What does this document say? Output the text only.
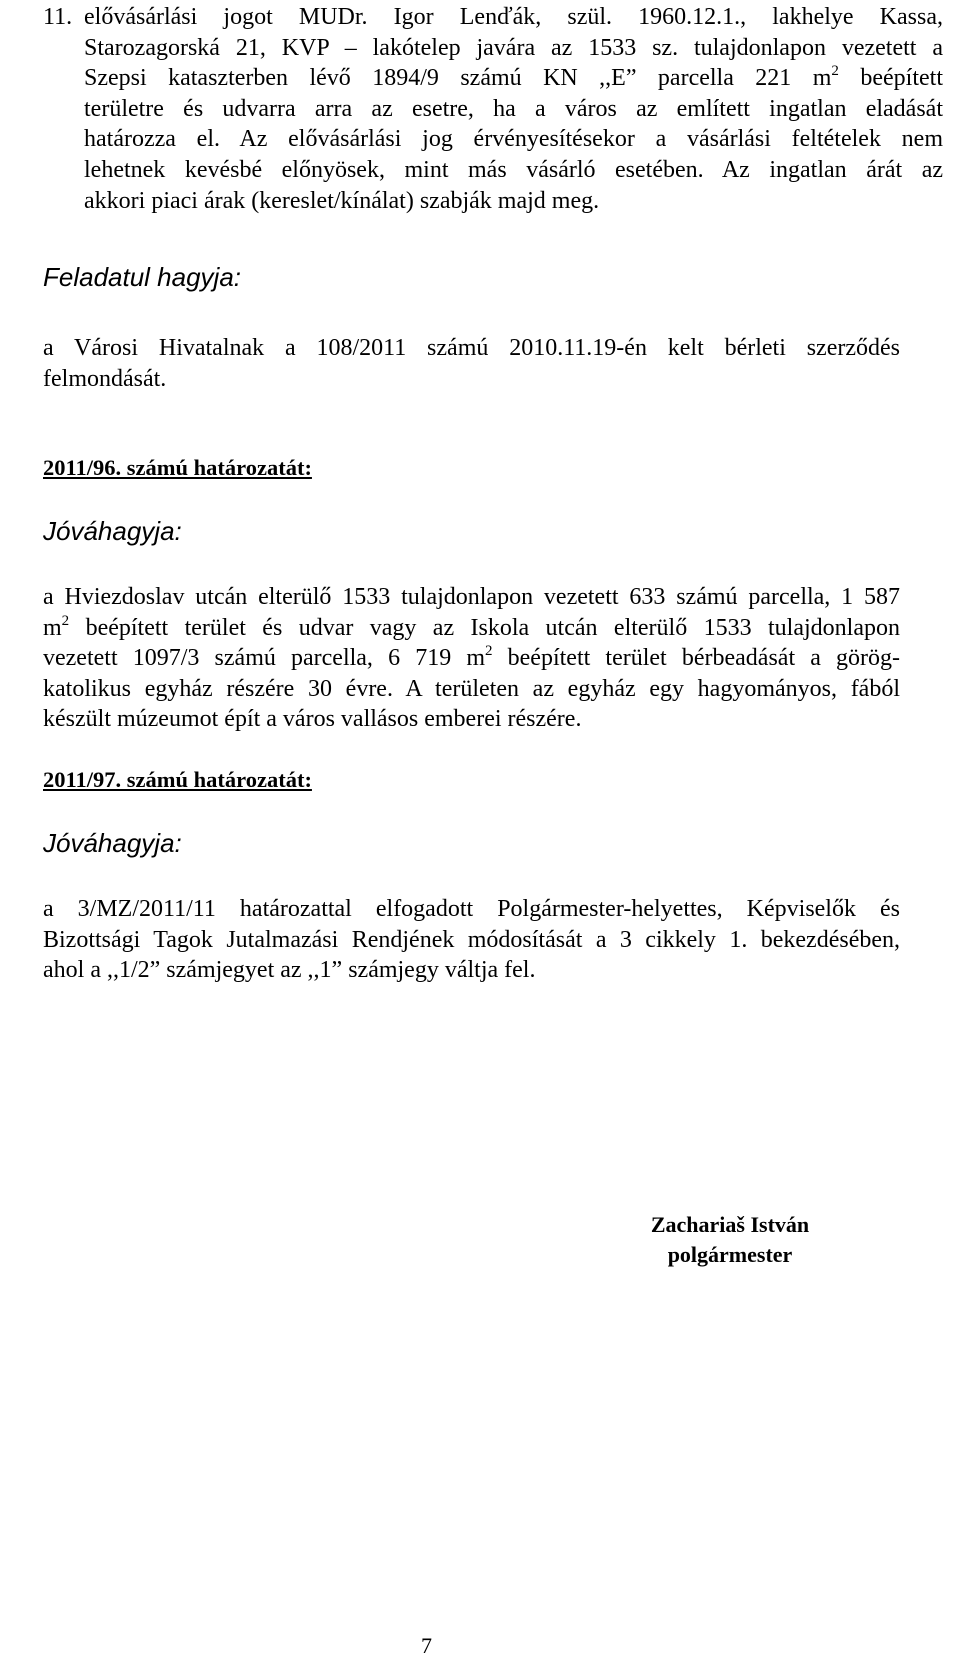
11. elővásárlási jogot MUDr. Igor Lenďák, szül. 1960.12.1., lakhelye Kassa,
Starozagorská 21, KVP – lakótelep javára az 1533 sz. tulajdonlapon vezetett a
Szepsi kataszterben lévő 1894/9 számú KN ,,E” parcella 221 $m^2$ beépített
területre és udvarra arra az esetre, ha a város az említett ingatlan eladását
határozza el. Az elővásárlási jog érvényesítésekor a vásárlási feltételek nem
lehetnek kevésbé előnyösek, mint más vásárló esetében. Az ingatlan árát az
akkori piaci árak (kereslet/kínálat) szabják majd meg.
Feladatul hagyja:
a Városi Hivatalnak a 108/2011 számú 2010.11.19-én kelt bérleti szerződés
felmondását.
2011/96. számú határozatát:
Jóváhagyja:
a Hviezdoslav utcán elterülő 1533 tulajdonlapon vezetett 633 számú parcella, 1 587
$m^2$ beépített terület és udvar vagy az Iskola utcán elterülő 1533 tulajdonlapon
vezetett 1097/3 számú parcella, 6 719 $m^2$ beépített terület bérbeadását a görög-
katolikus egyház részére 30 évre. A területen az egyház egy hagyományos, fából
készült múzeumot épít a város vallásos emberei részére.
2011/97. számú határozatát:
Jóváhagyja:
a 3/MZ/2011/11 határozattal elfogadott Polgármester-helyettes, Képviselők és
Bizottsági Tagok Jutalmazási Rendjének módosítását a 3 cikkely 1. bekezdésében,
ahol a ,,1/2” számjegyet az ,,1” számjegy váltja fel.
Zachariaš István
polgármester
7
